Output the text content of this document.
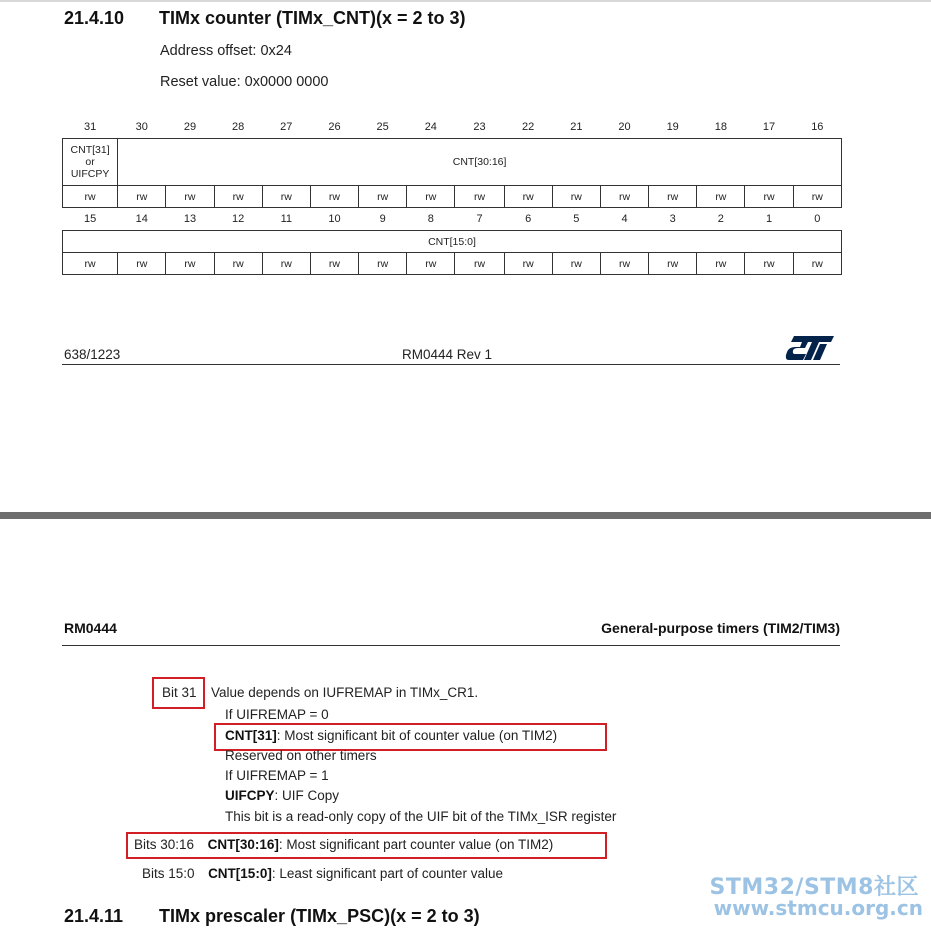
21.4.10 TIMx counter (TIMx_CNT)(x = 2 to 3)
Address offset: 0x24
Reset value: 0x0000 0000
31	30	29	28	27	26	25	24	23	22	21	20	19	18	17	16

CNT[31]
or
UIFCPY	CNT[30:16]														
rw	rw	rw	rw	rw	rw	rw	rw	rw	rw	rw	rw	rw	rw	rw	rw
15	14	13	12	11	10	9	8	7	6	5	4	3	2	1	0
CNT[15:0]															
rw	rw	rw	rw	rw	rw	rw	rw	rw	rw	rw	rw	rw	rw	rw	rw
638/1223	RM0444 Rev 1
RM0444	General-purpose timers (TIM2/TIM3)
Bit 31 Value depends on IUFREMAP in TIMx_CR1.
If UIFREMAP = 0
CNT[31]: Most significant bit of counter value (on TIM2)
Reserved on other timers
If UIFREMAP = 1
UIFCPY: UIF Copy
This bit is a read-only copy of the UIF bit of the TIMx_ISR register
Bits 30:16 CNT[30:16]: Most significant part counter value (on TIM2)
Bits 15:0 CNT[15:0]: Least significant part of counter value
21.4.11 TIMx prescaler (TIMx_PSC)(x = 2 to 3)
STM32/STM8社区
www.stmcu.org.cn
